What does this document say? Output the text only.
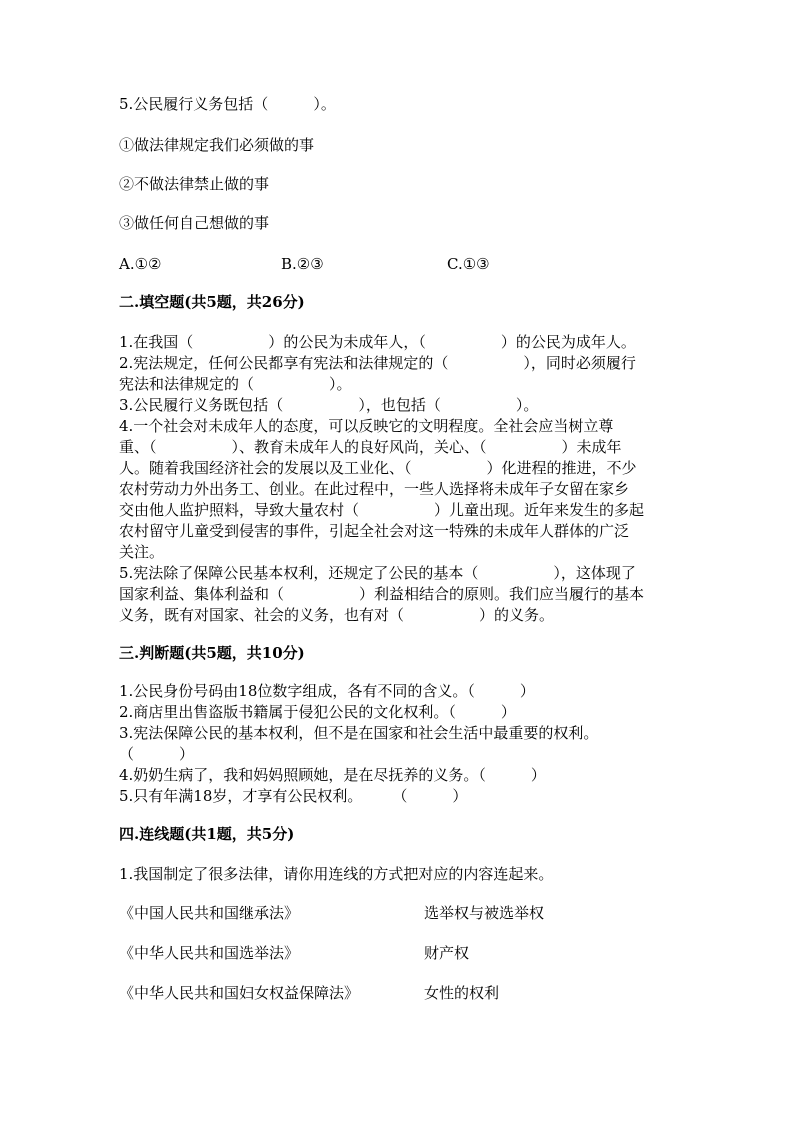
5.公民履行义务包括（　　　）。
①做法律规定我们必须做的事
②不做法律禁止做的事
③做任何自己想做的事
A.①②	B.②③	C.①③
二.填空题(共5题，共26分)
1.在我国（　　　　　）的公民为未成年人，（　　　　　）的公民为成年人。
2.宪法规定，任何公民都享有宪法和法律规定的（　　　　　），同时必须履行
宪法和法律规定的（　　　　　）。
3.公民履行义务既包括（　　　　　），也包括（　　　　　）。
4.一个社会对未成年人的态度，可以反映它的文明程度。全社会应当树立尊
重、（　　　　　）、教育未成年人的良好风尚，关心、（　　　　　）未成年
人。随着我国经济社会的发展以及工业化、（　　　　　）化进程的推进，不少
农村劳动力外出务工、创业。在此过程中，一些人选择将未成年子女留在家乡
交由他人监护照料，导致大量农村（　　　　　）儿童出现。近年来发生的多起
农村留守儿童受到侵害的事件，引起全社会对这一特殊的未成年人群体的广泛
关注。
5.宪法除了保障公民基本权利，还规定了公民的基本（　　　　　），这体现了
国家利益、集体利益和（　　　　　）利益相结合的原则。我们应当履行的基本
义务，既有对国家、社会的义务，也有对（　　　　　）的义务。
三.判断题(共5题，共10分)
1.公民身份号码由18位数字组成，各有不同的含义。（　　　）
2.商店里出售盗版书籍属于侵犯公民的文化权利。（　　　）
3.宪法保障公民的基本权利，但不是在国家和社会生活中最重要的权利。
（　　　）
4.奶奶生病了，我和妈妈照顾她，是在尽抚养的义务。（　　　）
5.只有年满18岁，才享有公民权利。　　　（　　　）
四.连线题(共1题，共5分)
1.我国制定了很多法律，请你用连线的方式把对应的内容连起来。
《中国人民共和国继承法》	选举权与被选举权
《中华人民共和国选举法》	财产权
《中华人民共和国妇女权益保障法》	女性的权利
